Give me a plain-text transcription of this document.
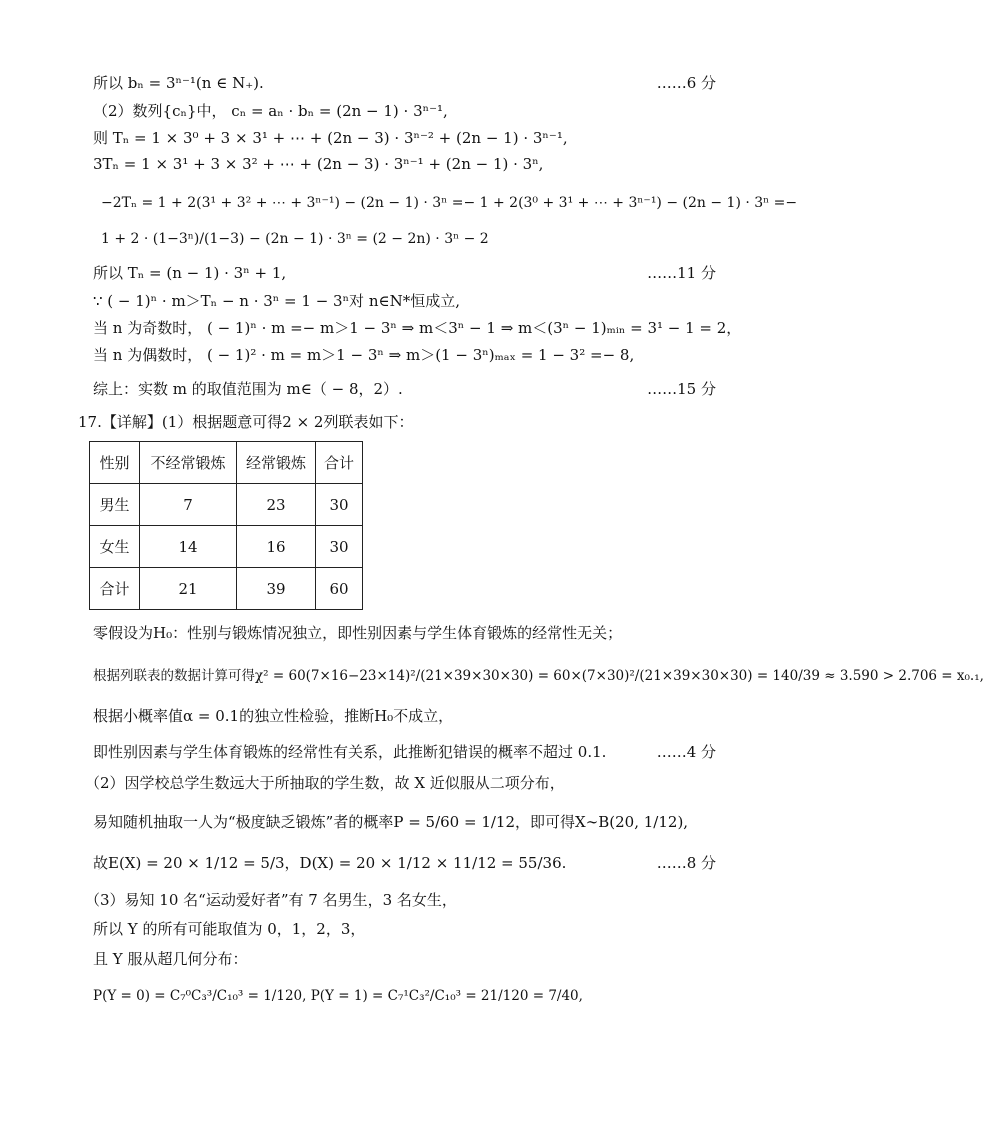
所以 bₙ = 3ⁿ⁻¹(n ∈ N₊).	……6 分
（2）数列{cₙ}中， cₙ = aₙ · bₙ = (2n − 1) · 3ⁿ⁻¹,
则 Tₙ = 1 × 3⁰ + 3 × 3¹ + ⋯ + (2n − 3) · 3ⁿ⁻² + (2n − 1) · 3ⁿ⁻¹,
3Tₙ = 1 × 3¹ + 3 × 3² + ⋯ + (2n − 3) · 3ⁿ⁻¹ + (2n − 1) · 3ⁿ,
−2Tₙ = 1 + 2(3¹ + 3² + ⋯ + 3ⁿ⁻¹) − (2n − 1) · 3ⁿ =− 1 + 2(3⁰ + 3¹ + ⋯ + 3ⁿ⁻¹) − (2n − 1) · 3ⁿ =−
1 + 2 · (1−3ⁿ)/(1−3) − (2n − 1) · 3ⁿ = (2 − 2n) · 3ⁿ − 2
所以 Tₙ = (n − 1) · 3ⁿ + 1,	……11 分
∵ ( − 1)ⁿ · m＞Tₙ − n · 3ⁿ = 1 − 3ⁿ对 n∈N*恒成立,
当 n 为奇数时， ( − 1)ⁿ · m =− m＞1 − 3ⁿ ⇒ m＜3ⁿ − 1 ⇒ m＜(3ⁿ − 1)ₘᵢₙ = 3¹ − 1 = 2，
当 n 为偶数时， ( − 1)² · m = m＞1 − 3ⁿ ⇒ m＞(1 − 3ⁿ)ₘₐₓ = 1 − 3² =− 8,
综上：实数 m 的取值范围为 m∈（ − 8，2）.	……15 分
17.【详解】(1）根据题意可得2 × 2列联表如下：
性别	不经常锻炼	经常锻炼	合计
男生	7	23	30
女生	14	16	30
合计	21	39	60
零假设为H₀：性别与锻炼情况独立，即性别因素与学生体育锻炼的经常性无关；
根据列联表的数据计算可得χ² = 60(7×16−23×14)²/(21×39×30×30) = 60×(7×30)²/(21×39×30×30) = 140/39 ≈ 3.590 > 2.706 = x₀.₁,
根据小概率值α = 0.1的独立性检验，推断H₀不成立，
即性别因素与学生体育锻炼的经常性有关系，此推断犯错误的概率不超过 0.1.	……4 分
（2）因学校总学生数远大于所抽取的学生数，故 X 近似服从二项分布，
易知随机抽取一人为“极度缺乏锻炼”者的概率P = 5/60 = 1/12，即可得X∼B(20, 1/12),
故E(X) = 20 × 1/12 = 5/3，D(X) = 20 × 1/12 × 11/12 = 55/36.	……8 分
（3）易知 10 名“运动爱好者”有 7 名男生，3 名女生，
所以 Y 的所有可能取值为 0，1，2，3，
且 Y 服从超几何分布：
P(Y = 0) = C₇⁰C₃³/C₁₀³ = 1/120, P(Y = 1) = C₇¹C₃²/C₁₀³ = 21/120 = 7/40,
